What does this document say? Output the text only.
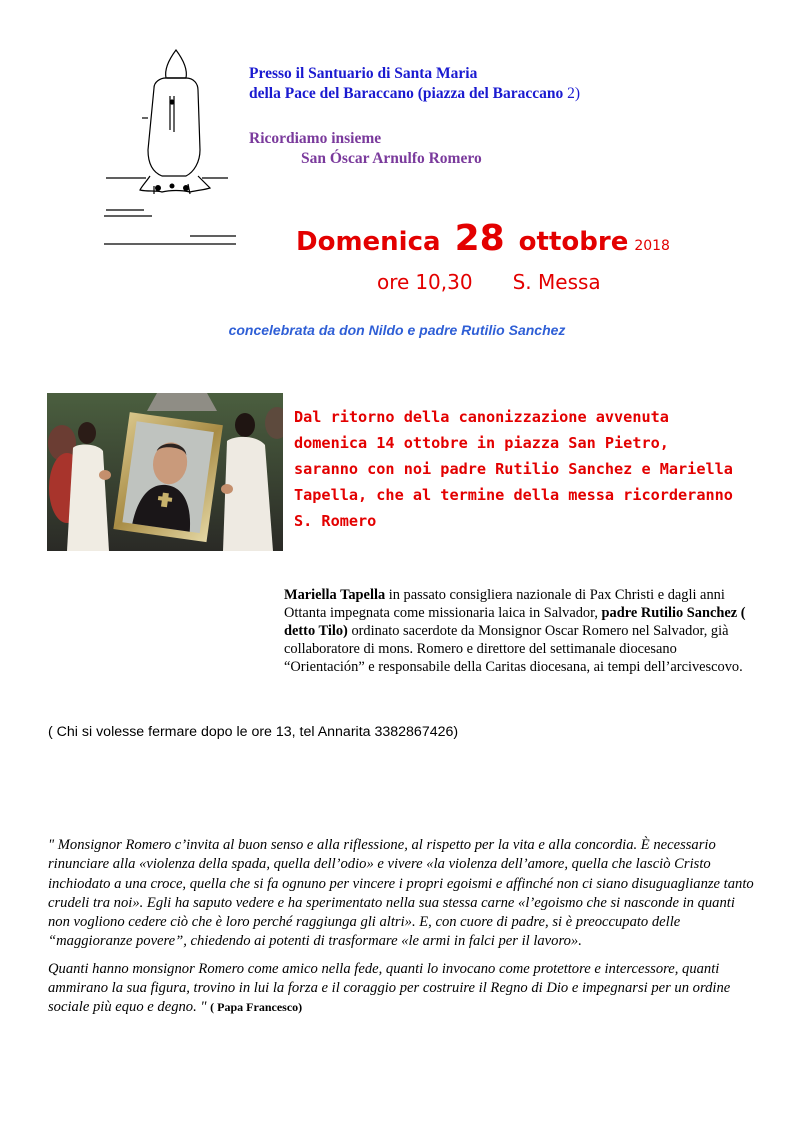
Presso il Santuario di Santa Maria
della Pace del Baraccano (piazza del Baraccano 2)
Ricordiamo insieme
San Óscar Arnulfo Romero
Domenica 28 ottobre 2018
ore 10,30 S. Messa
concelebrata da don Nildo e padre Rutilio Sanchez
Dal ritorno della canonizzazione avvenuta
domenica 14 ottobre in piazza San Pietro,
saranno con noi padre Rutilio Sanchez e Mariella
Tapella, che al termine della messa ricorderanno
S. Romero
Mariella Tapella in passato consigliera nazionale di Pax Christi e dagli anni Ottanta impegnata come missionaria laica in Salvador, padre Rutilio Sanchez ( detto Tilo) ordinato sacerdote da Monsignor Oscar Romero nel Salvador, già collaboratore di mons. Romero e direttore del settimanale diocesano “Orientación” e responsabile della Caritas diocesana, ai tempi dell’arcivescovo.
( Chi si volesse fermare dopo le ore 13, tel Annarita 3382867426)

" Monsignor Romero c’invita al buon senso e alla riflessione, al rispetto per la vita e alla concordia. È necessario rinunciare alla «violenza della spada, quella dell’odio» e vivere «la violenza dell’amore, quella che lasciò Cristo inchiodato a una croce, quella che si fa ognuno per vincere i propri egoismi e affinché non ci siano disuguaglianze tanto crudeli tra noi». Egli ha saputo vedere e ha sperimentato nella sua stessa carne «l’egoismo che si nasconde in quanti non vogliono cedere ciò che è loro perché raggiunga gli altri». E, con cuore di padre, si è preoccupato delle “maggioranze povere”, chiedendo ai potenti di trasformare «le armi in falci per il lavoro».

Quanti hanno monsignor Romero come amico nella fede, quanti lo invocano come protettore e intercessore, quanti ammirano la sua figura, trovino in lui la forza e il coraggio per costruire il Regno di Dio e impegnarsi per un ordine sociale più equo e degno. " ( Papa Francesco)
